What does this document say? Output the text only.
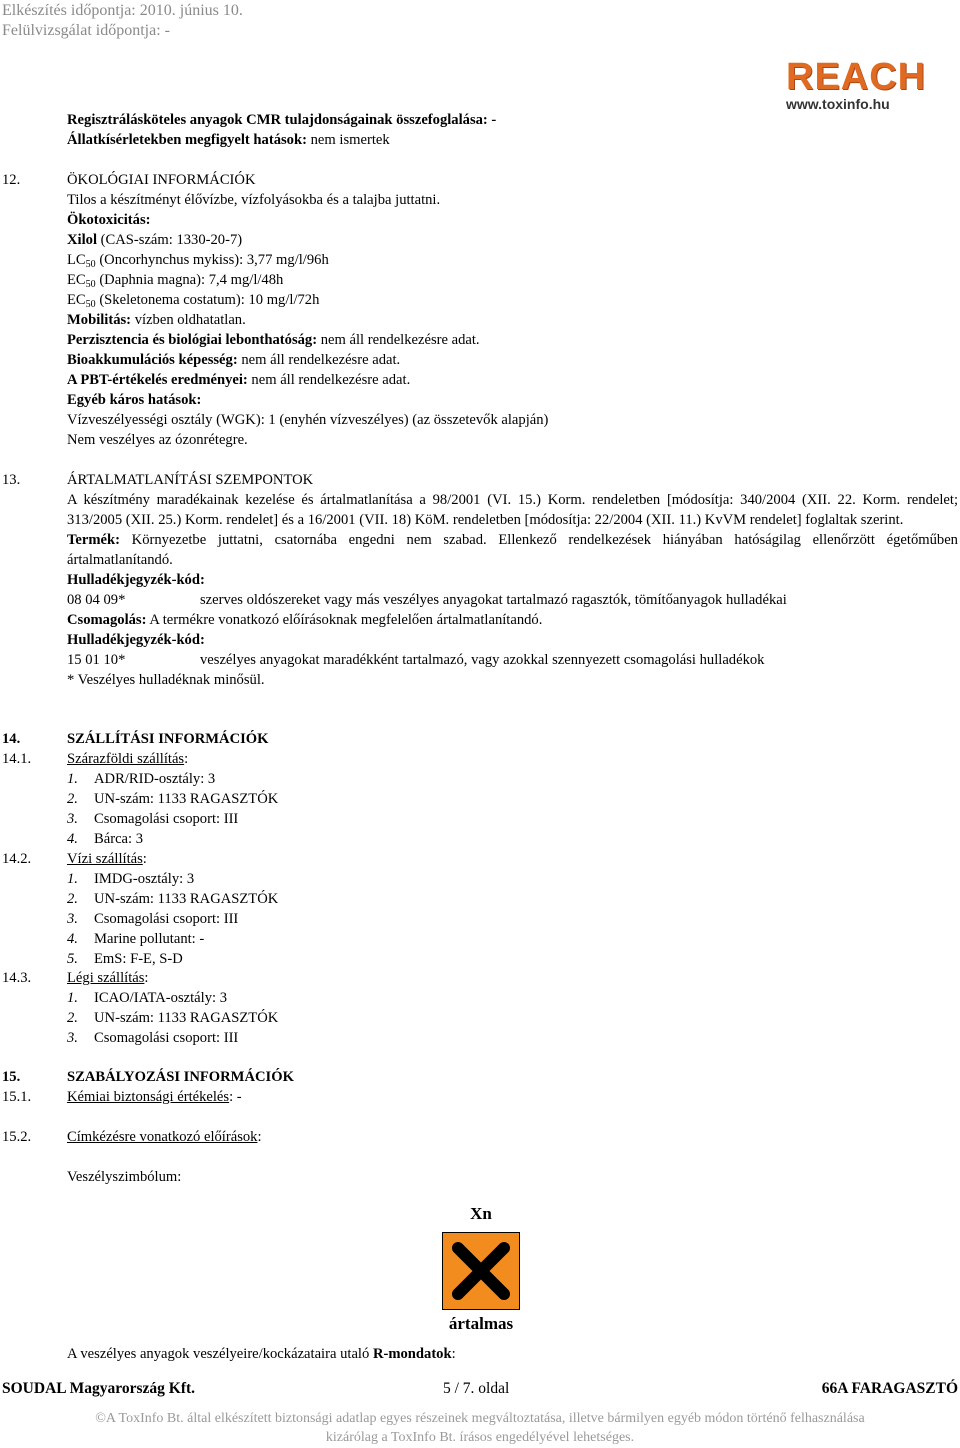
Elkészítés időpontja: 2010. június 10.
Felülvizsgálat időpontja: -
REACH
www.toxinfo.hu
Regisztrálásköteles anyagok CMR tulajdonságainak összefoglalása: -
Állatkísérletekben megfigyelt hatások: nem ismertek
12.	ÖKOLÓGIAI INFORMÁCIÓK
Tilos a készítményt élővízbe, vízfolyásokba és a talajba juttatni.
Ökotoxicitás:
Xilol (CAS-szám: 1330-20-7)
$LC_{50}$ (Oncorhynchus mykiss): 3,77 mg/l/96h
$EC_{50}$ (Daphnia magna): 7,4 mg/l/48h
$EC_{50}$ (Skeletonema costatum): 10 mg/l/72h
Mobilitás: vízben oldhatatlan.
Perzisztencia és biológiai lebonthatóság: nem áll rendelkezésre adat.
Bioakkumulációs képesség: nem áll rendelkezésre adat.
A PBT-értékelés eredményei: nem áll rendelkezésre adat.
Egyéb káros hatások:
Vízveszélyességi osztály (WGK): 1 (enyhén vízveszélyes) (az összetevők alapján)
Nem veszélyes az ózonrétegre.
13.	ÁRTALMATLANÍTÁSI SZEMPONTOK
A készítmény maradékainak kezelése és ártalmatlanítása a 98/2001 (VI. 15.) Korm. rendeletben [módosítja: 340/2004 (XII. 22. Korm. rendelet; 313/2005 (XII. 25.) Korm. rendelet] és a 16/2001 (VII. 18) KöM. rendeletben [módosítja: 22/2004 (XII. 11.) KvVM rendelet] foglaltak szerint.
Termék: Környezetbe juttatni, csatornába engedni nem szabad. Ellenkező rendelkezések hiányában hatóságilag ellenőrzött égetőműben ártalmatlanítandó.
Hulladékjegyzék-kód:
08 04 09*	szerves oldószereket vagy más veszélyes anyagokat tartalmazó ragasztók, tömítőanyagok hulladékai
Csomagolás: A termékre vonatkozó előírásoknak megfelelően ártalmatlanítandó.
Hulladékjegyzék-kód:
15 01 10*	veszélyes anyagokat maradékként tartalmazó, vagy azokkal szennyezett csomagolási hulladékok
* Veszélyes hulladéknak minősül.
14.	SZÁLLÍTÁSI INFORMÁCIÓK
14.1. Szárazföldi szállítás:
1. ADR/RID-osztály: 3
2. UN-szám: 1133 RAGASZTÓK
3. Csomagolási csoport: III
4. Bárca: 3
14.2. Vízi szállítás:
1. IMDG-osztály: 3
2. UN-szám: 1133 RAGASZTÓK
3. Csomagolási csoport: III
4. Marine pollutant: -
5. EmS: F-E, S-D
14.3. Légi szállítás:
1. ICAO/IATA-osztály: 3
2. UN-szám: 1133 RAGASZTÓK
3. Csomagolási csoport: III
15.	SZABÁLYOZÁSI INFORMÁCIÓK
15.1. Kémiai biztonsági értékelés: -
15.2. Címkézésre vonatkozó előírások:
Veszélyszimbólum:
Xn
ártalmas
A veszélyes anyagok veszélyeire/kockázataira utaló R-mondatok:
SOUDAL Magyarország Kft.	5 / 7. oldal	66A FARAGASZTÓ
©A ToxInfo Bt. által elkészített biztonsági adatlap egyes részeinek megváltoztatása, illetve bármilyen egyéb módon történő felhasználása
kizárólag a ToxInfo Bt. írásos engedélyével lehetséges.
